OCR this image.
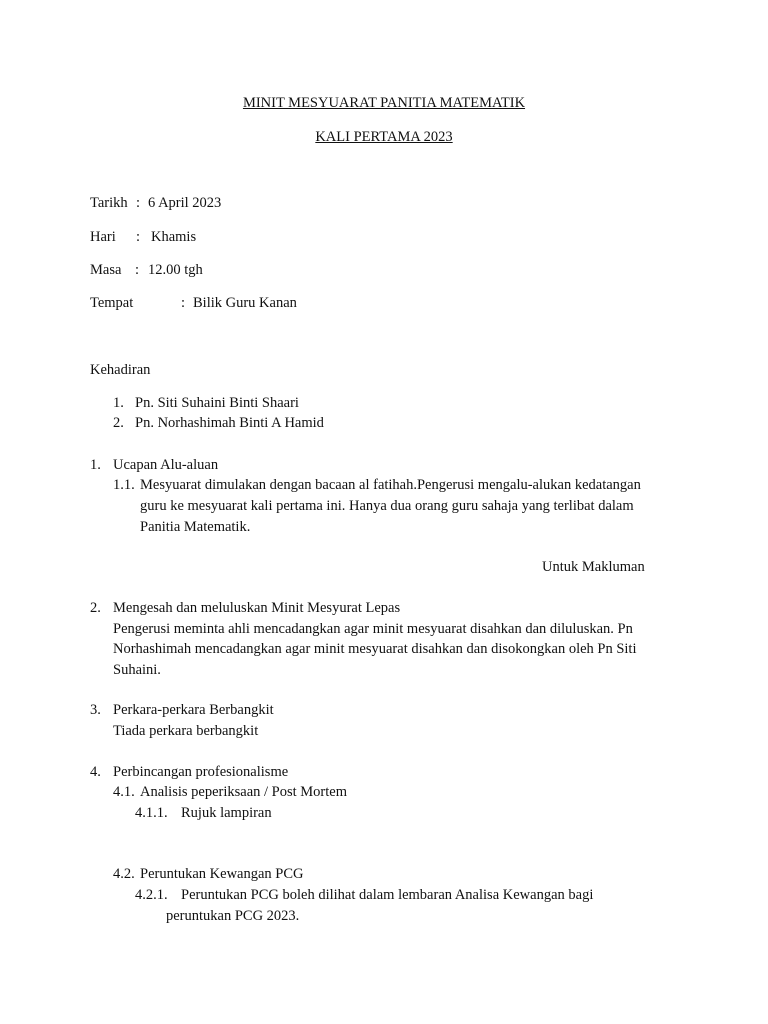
MINIT MESYUARAT PANITIA MATEMATIK
KALI PERTAMA 2023
Tarikh : 6 April 2023
Hari : Khamis
Masa : 12.00 tgh
Tempat	: Bilik Guru Kanan
Kehadiran
1. Pn. Siti Suhaini Binti Shaari
2. Pn. Norhashimah Binti A Hamid
1. Ucapan Alu-aluan
1.1. Mesyuarat dimulakan dengan bacaan al fatihah.Pengerusi mengalu-alukan kedatangan
guru ke mesyuarat kali pertama ini. Hanya dua orang guru sahaja yang terlibat dalam
Panitia Matematik.
Untuk Makluman
2. Mengesah dan meluluskan Minit Mesyurat Lepas
Pengerusi meminta ahli mencadangkan agar minit mesyuarat disahkan dan diluluskan. Pn
Norhashimah mencadangkan agar minit mesyuarat disahkan dan disokongkan oleh Pn Siti
Suhaini.
3. Perkara-perkara Berbangkit
Tiada perkara berbangkit
4. Perbincangan profesionalisme
4.1. Analisis peperiksaan / Post Mortem
4.1.1. Rujuk lampiran
4.2. Peruntukan Kewangan PCG
4.2.1. Peruntukan PCG boleh dilihat dalam lembaran Analisa Kewangan bagi
peruntukan PCG 2023.
